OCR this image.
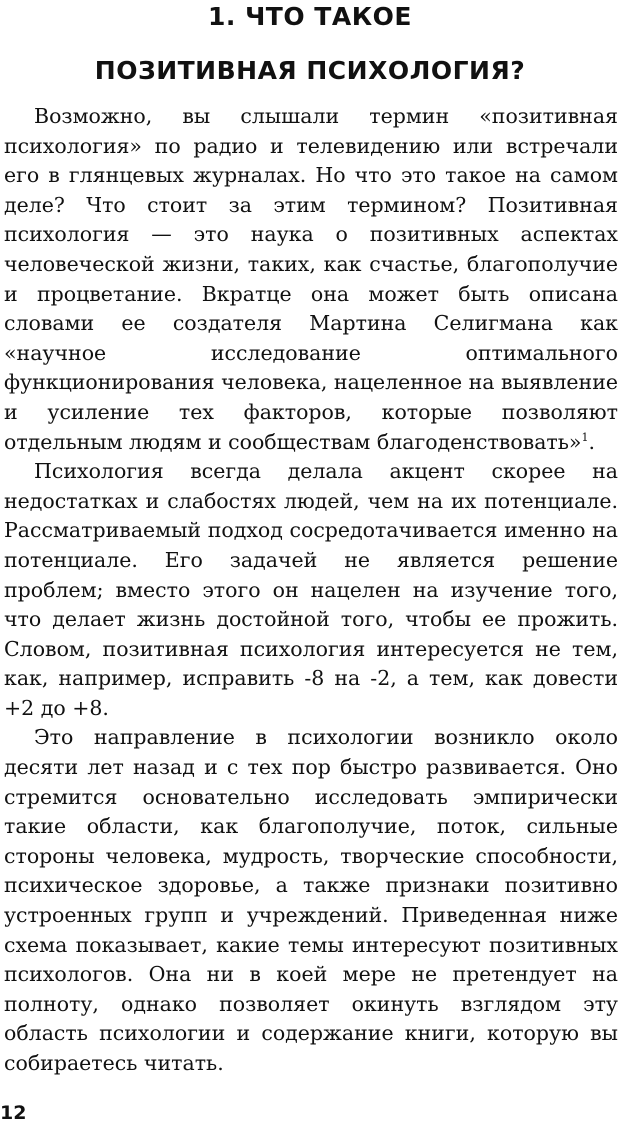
1. ЧТО ТАКОЕ
ПОЗИТИВНАЯ ПСИХОЛОГИЯ?

Возможно, вы слышали термин «позитивная психология» по радио и телевидению или встречали его в глянцевых журналах. Но что это такое на самом деле? Что стоит за этим термином? Позитивная психология — это наука о позитивных аспектах человеческой жизни, таких, как счастье, благополучие и процветание. Вкратце она может быть описана словами ее создателя Мартина Селигмана как «научное исследование оптимального функционирования человека, нацеленное на выявление и усиление тех факторов, которые позволяют отдельным людям и сообществам благоденствовать»$^1$.

Психология всегда делала акцент скорее на недостатках и слабостях людей, чем на их потенциале. Рассматриваемый подход сосредотачивается именно на потенциале. Его задачей не является решение проблем; вместо этого он нацелен на изучение того, что делает жизнь достойной того, чтобы ее прожить. Словом, позитивная психология интересуется не тем, как, например, исправить -8 на -2, а тем, как довести +2 до +8.

Это направление в психологии возникло около десяти лет назад и с тех пор быстро развивается. Оно стремится основательно исследовать эмпирически такие области, как благополучие, поток, сильные стороны человека, мудрость, творческие способности, психическое здоровье, а также признаки позитивно устроенных групп и учреждений. Приведенная ниже схема показывает, какие темы интересуют позитивных психологов. Она ни в коей мере не претендует на полноту, однако позволяет окинуть взглядом эту область психологии и содержание книги, которую вы собираетесь читать.

12
